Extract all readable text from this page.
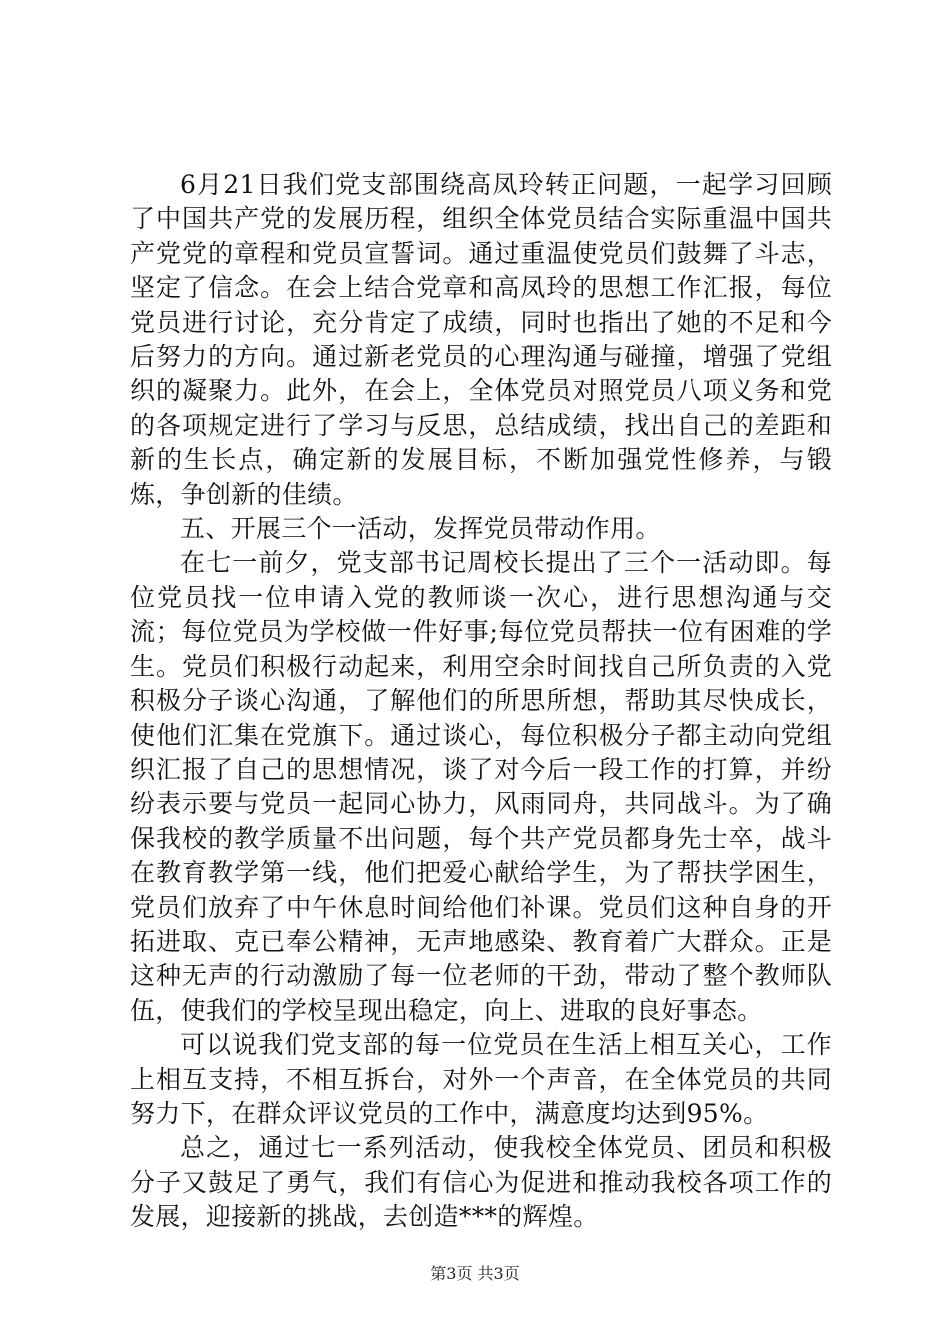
6月21日我们党支部围绕高凤玲转正问题，一起学习回顾了中国共产党的发展历程，组织全体党员结合实际重温中国共产党党的章程和党员宣誓词。通过重温使党员们鼓舞了斗志，坚定了信念。在会上结合党章和高凤玲的思想工作汇报，每位党员进行讨论，充分肯定了成绩，同时也指出了她的不足和今后努力的方向。通过新老党员的心理沟通与碰撞，增强了党组织的凝聚力。此外，在会上，全体党员对照党员八项义务和党的各项规定进行了学习与反思，总结成绩，找出自己的差距和新的生长点，确定新的发展目标，不断加强党性修养，与锻炼，争创新的佳绩。

五、开展三个一活动，发挥党员带动作用。

在七一前夕，党支部书记周校长提出了三个一活动即。每位党员找一位申请入党的教师谈一次心，进行思想沟通与交流；每位党员为学校做一件好事;每位党员帮扶一位有困难的学生。党员们积极行动起来，利用空余时间找自己所负责的入党积极分子谈心沟通，了解他们的所思所想，帮助其尽快成长，使他们汇集在党旗下。通过谈心，每位积极分子都主动向党组织汇报了自己的思想情况，谈了对今后一段工作的打算，并纷纷表示要与党员一起同心协力，风雨同舟，共同战斗。为了确保我校的教学质量不出问题，每个共产党员都身先士卒，战斗在教育教学第一线，他们把爱心献给学生，为了帮扶学困生，党员们放弃了中午休息时间给他们补课。党员们这种自身的开拓进取、克已奉公精神，无声地感染、教育着广大群众。正是这种无声的行动激励了每一位老师的干劲，带动了整个教师队伍，使我们的学校呈现出稳定，向上、进取的良好事态。

可以说我们党支部的每一位党员在生活上相互关心，工作上相互支持，不相互拆台，对外一个声音，在全体党员的共同努力下，在群众评议党员的工作中，满意度均达到95%。

总之，通过七一系列活动，使我校全体党员、团员和积极分子又鼓足了勇气，我们有信心为促进和推动我校各项工作的发展，迎接新的挑战，去创造***的辉煌。

第3页 共3页
